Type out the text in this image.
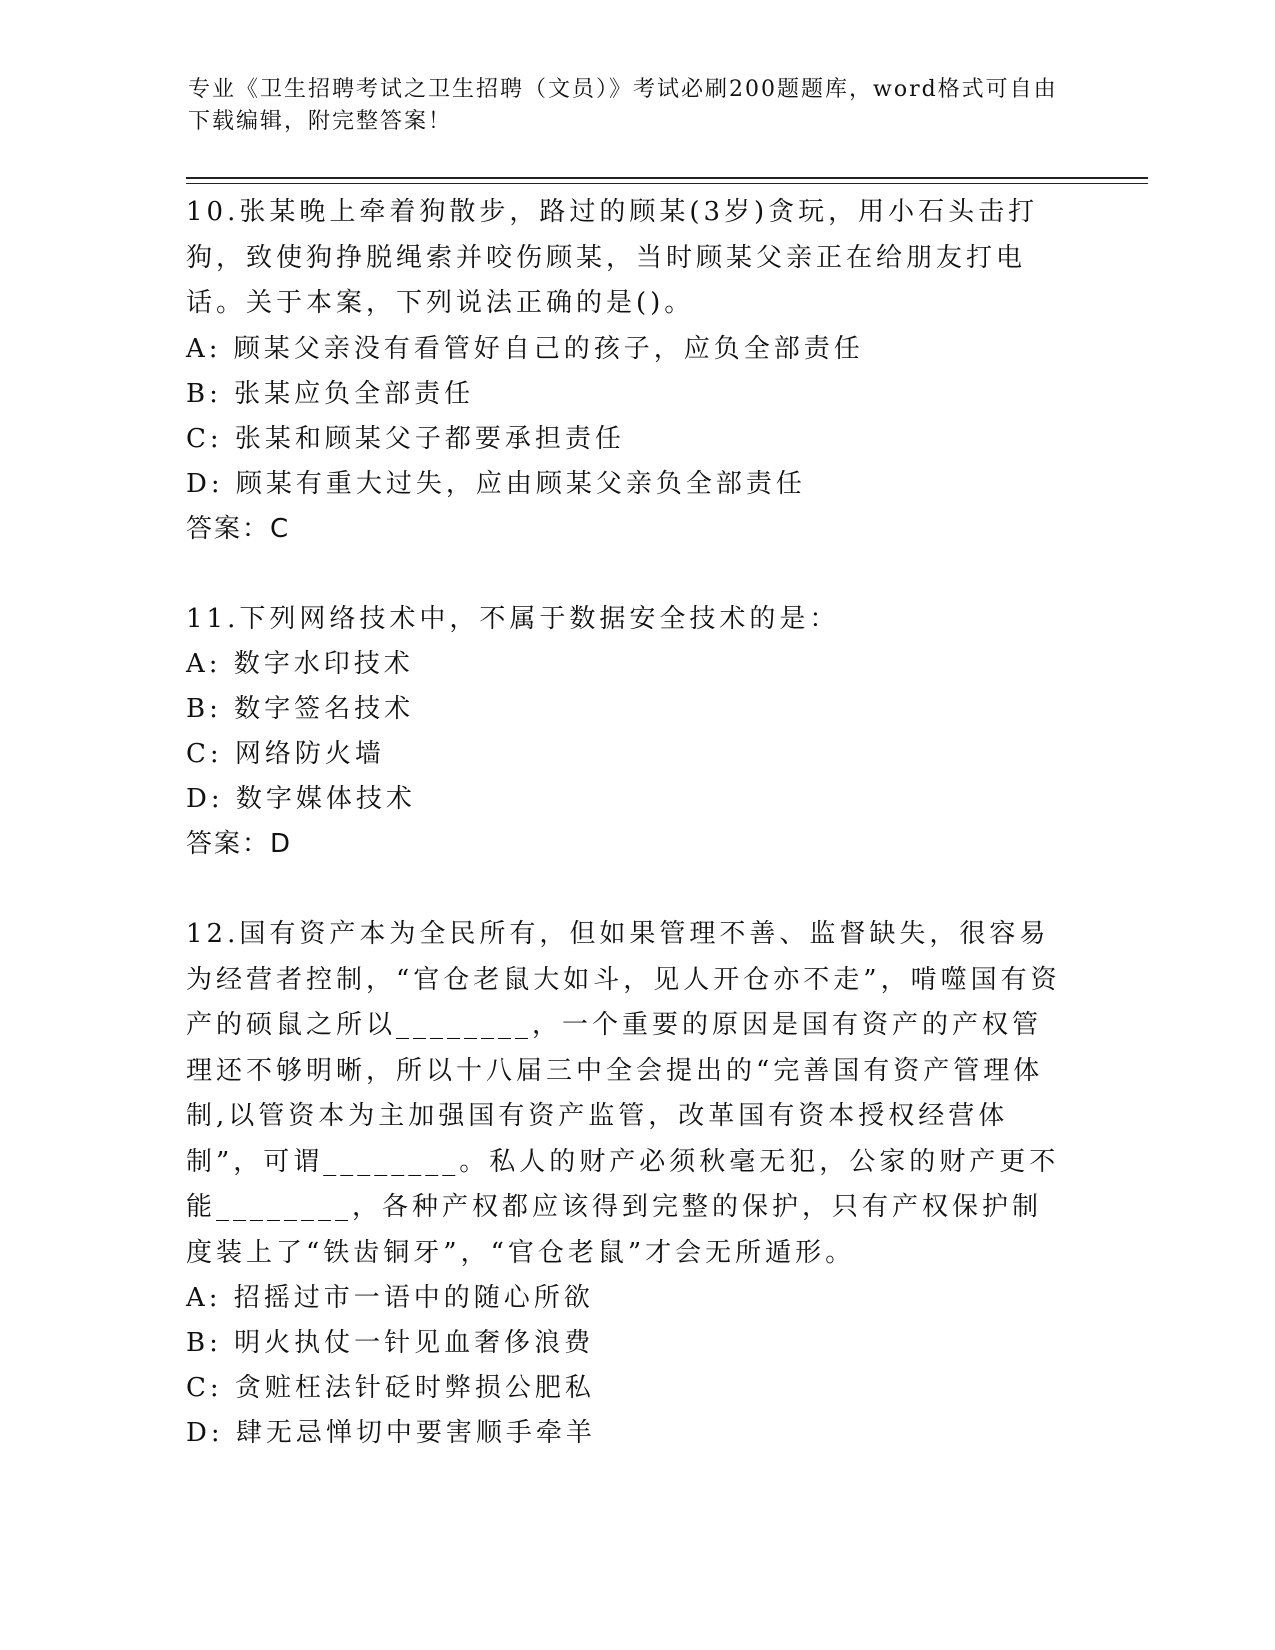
专业《卫生招聘考试之卫生招聘（文员）》考试必刷200题题库，word格式可自由下载编辑，附完整答案！
10.张某晚上牵着狗散步，路过的顾某(3岁)贪玩，用小石头击打狗，致使狗挣脱绳索并咬伤顾某，当时顾某父亲正在给朋友打电话。关于本案，下列说法正确的是()。
A: 顾某父亲没有看管好自己的孩子，应负全部责任
B: 张某应负全部责任
C: 张某和顾某父子都要承担责任
D: 顾某有重大过失，应由顾某父亲负全部责任
答案：C
11.下列网络技术中，不属于数据安全技术的是：
A: 数字水印技术
B: 数字签名技术
C: 网络防火墙
D: 数字媒体技术
答案：D
12.国有资产本为全民所有，但如果管理不善、监督缺失，很容易为经营者控制，“官仓老鼠大如斗，见人开仓亦不走”，啃噬国有资产的硕鼠之所以________，一个重要的原因是国有资产的产权管理还不够明晰，所以十八届三中全会提出的“完善国有资产管理体制,以管资本为主加强国有资产监管，改革国有资本授权经营体制”，可谓________。私人的财产必须秋毫无犯，公家的财产更不能________，各种产权都应该得到完整的保护，只有产权保护制度装上了“铁齿铜牙”，“官仓老鼠”才会无所遁形。
A: 招摇过市一语中的随心所欲
B: 明火执仗一针见血奢侈浪费
C: 贪赃枉法针砭时弊损公肥私
D: 肆无忌惮切中要害顺手牵羊
